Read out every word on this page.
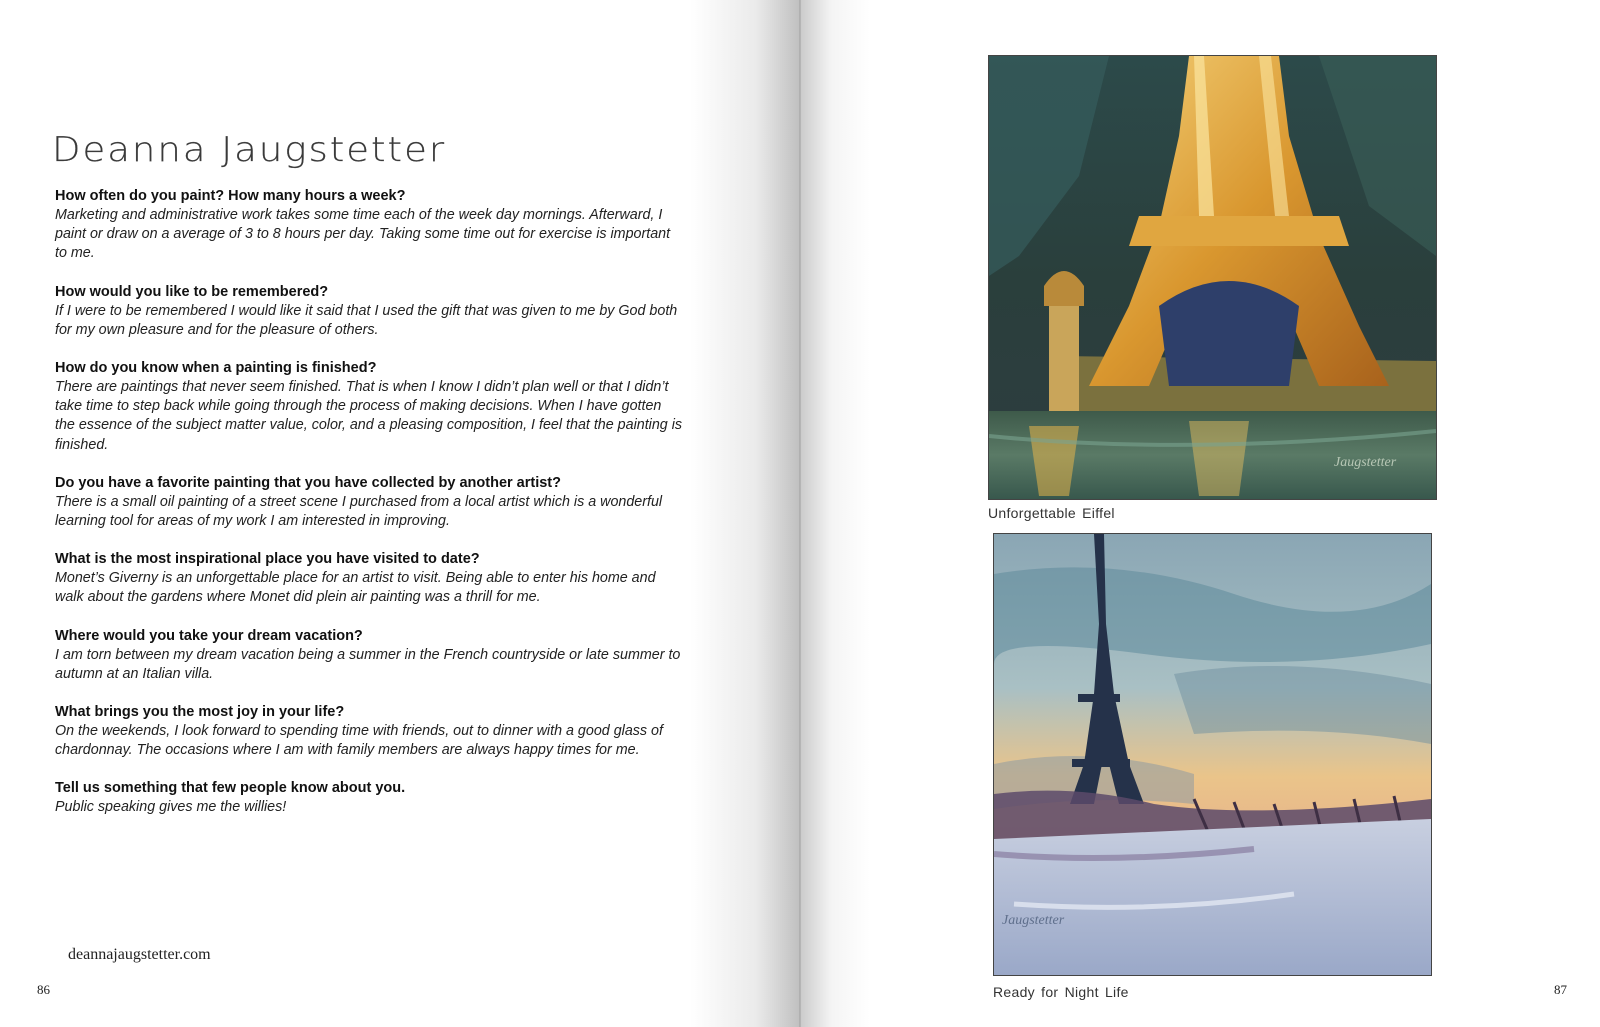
Deanna Jaugstetter
How often do you paint? How many hours a week?
Marketing and administrative work takes some time each of the week day mornings. Afterward, I paint or draw on a average of 3 to 8 hours per day. Taking some time out for exercise is important to me.
How would you like to be remembered?
If I were to be remembered I would like it said that I used the gift that was given to me by God both for my own pleasure and for the pleasure of others.
How do you know when a painting is finished?
There are paintings that never seem finished. That is when I know I didn’t plan well or that I didn’t take time to step back while going through the process of making decisions. When I have gotten the essence of the subject matter value, color, and a pleasing composition, I feel that the painting is finished.
Do you have a favorite painting that you have collected by another artist?
There is a small oil painting of a street scene I purchased from a local artist which is a wonderful learning tool for areas of my work I am interested in improving.
What is the most inspirational place you have visited to date?
Monet’s Giverny is an unforgettable place for an artist to visit. Being able to enter his home and walk about the gardens where Monet did plein air painting was a thrill for me.
Where would you take your dream vacation?
I am torn between my dream vacation being a summer in the French countryside or late summer to autumn at an Italian villa.
What brings you the most joy in your life?
On the weekends, I look forward to spending time with friends, out to dinner with a good glass of chardonnay. The occasions where I am with family members are always happy times for me.
Tell us something that few people know about you.
Public speaking gives me the willies!
deannajaugstetter.com
86
Jaugstetter
Unforgettable Eiffel
Jaugstetter
Ready for Night Life	87
